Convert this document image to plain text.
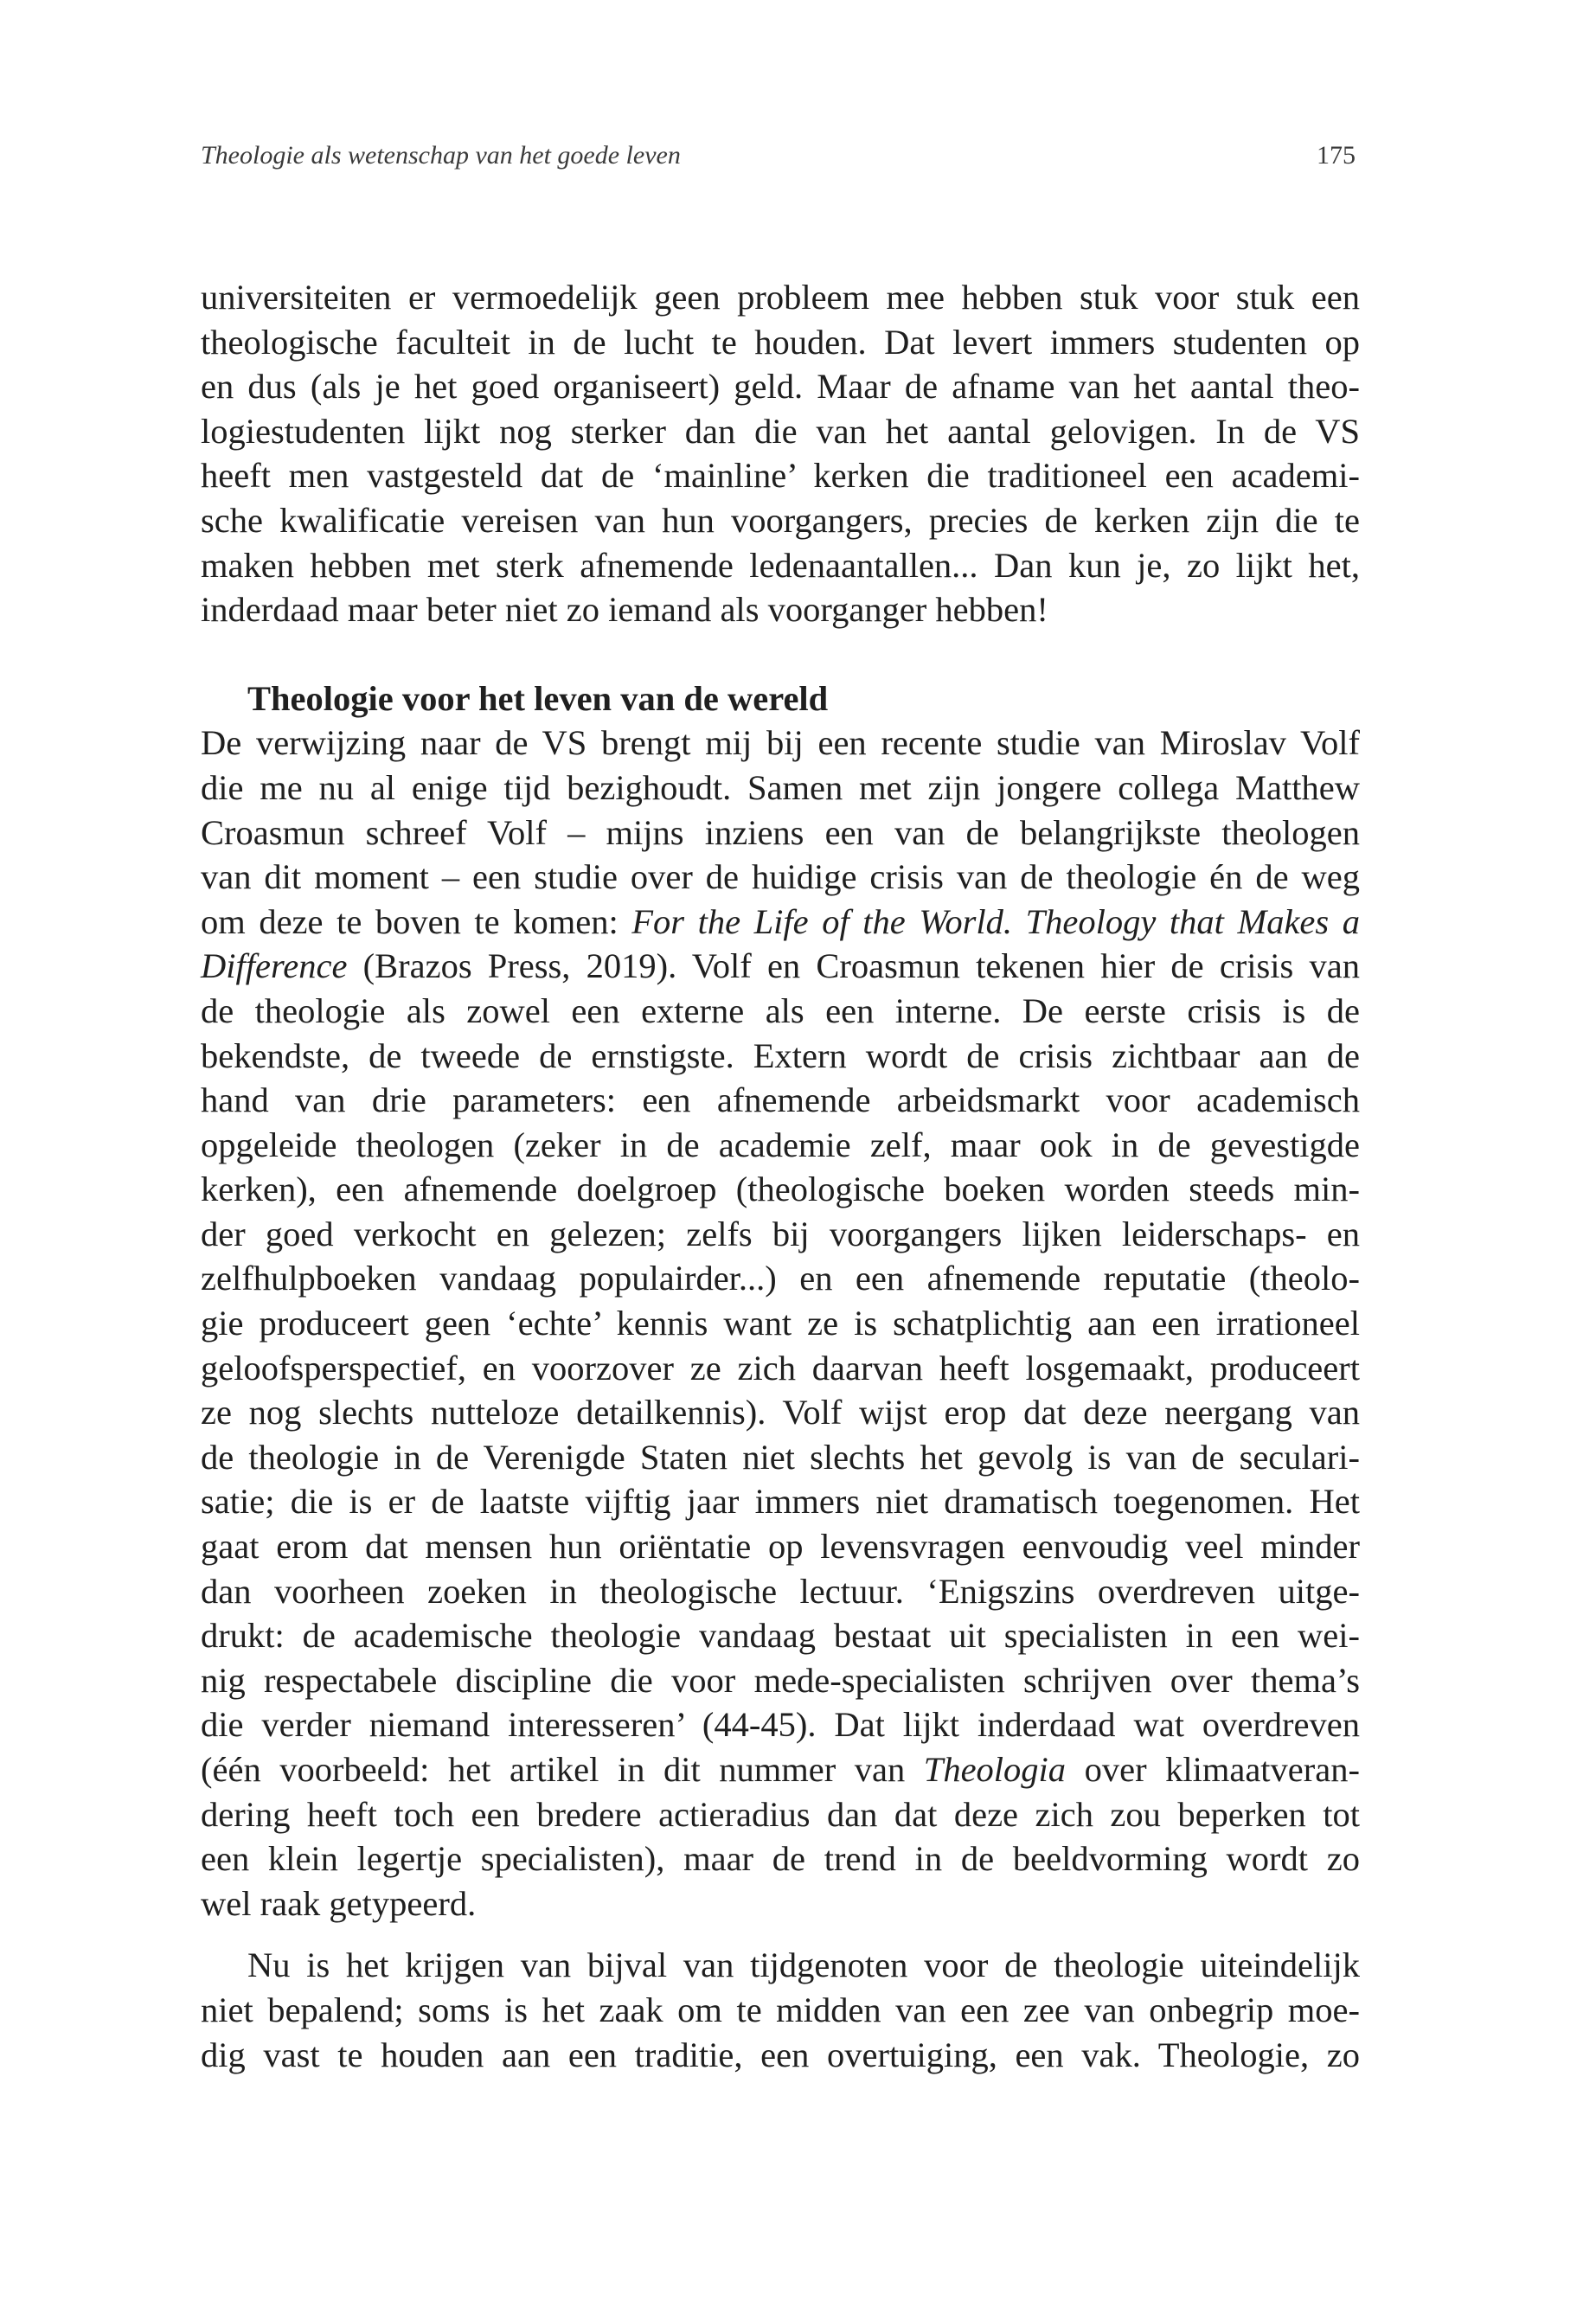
Theologie als wetenschap van het goede leven	175

universiteiten er vermoedelijk geen probleem mee hebben stuk voor stuk een
theologische faculteit in de lucht te houden. Dat levert immers studenten op
en dus (als je het goed organiseert) geld. Maar de afname van het aantal theo-
logiestudenten lijkt nog sterker dan die van het aantal gelovigen. In de VS
heeft men vastgesteld dat de ‘mainline’ kerken die traditioneel een academi-
sche kwalificatie vereisen van hun voorgangers, precies de kerken zijn die te
maken hebben met sterk afnemende ledenaantallen... Dan kun je, zo lijkt het,
inderdaad maar beter niet zo iemand als voorganger hebben!

Theologie voor het leven van de wereld

De verwijzing naar de VS brengt mij bij een recente studie van Miroslav Volf
die me nu al enige tijd bezighoudt. Samen met zijn jongere collega Matthew
Croasmun schreef Volf – mijns inziens een van de belangrijkste theologen
van dit moment – een studie over de huidige crisis van de theologie én de weg
om deze te boven te komen: For the Life of the World. Theology that Makes a
Difference (Brazos Press, 2019). Volf en Croasmun tekenen hier de crisis van
de theologie als zowel een externe als een interne. De eerste crisis is de
bekendste, de tweede de ernstigste. Extern wordt de crisis zichtbaar aan de
hand van drie parameters: een afnemende arbeidsmarkt voor academisch
opgeleide theologen (zeker in de academie zelf, maar ook in de gevestigde
kerken), een afnemende doelgroep (theologische boeken worden steeds min-
der goed verkocht en gelezen; zelfs bij voorgangers lijken leiderschaps- en
zelfhulpboeken vandaag populairder...) en een afnemende reputatie (theolo-
gie produceert geen ‘echte’ kennis want ze is schatplichtig aan een irrationeel
geloofsperspectief, en voorzover ze zich daarvan heeft losgemaakt, produceert
ze nog slechts nutteloze detailkennis). Volf wijst erop dat deze neergang van
de theologie in de Verenigde Staten niet slechts het gevolg is van de seculari-
satie; die is er de laatste vijftig jaar immers niet dramatisch toegenomen. Het
gaat erom dat mensen hun oriëntatie op levensvragen eenvoudig veel minder
dan voorheen zoeken in theologische lectuur. ‘Enigszins overdreven uitge-
drukt: de academische theologie vandaag bestaat uit specialisten in een wei-
nig respectabele discipline die voor mede-specialisten schrijven over thema’s
die verder niemand interesseren’ (44-45). Dat lijkt inderdaad wat overdreven
(één voorbeeld: het artikel in dit nummer van Theologia over klimaatveran-
dering heeft toch een bredere actieradius dan dat deze zich zou beperken tot
een klein legertje specialisten), maar de trend in de beeldvorming wordt zo
wel raak getypeerd.

Nu is het krijgen van bijval van tijdgenoten voor de theologie uiteindelijk
niet bepalend; soms is het zaak om te midden van een zee van onbegrip moe-
dig vast te houden aan een traditie, een overtuiging, een vak. Theologie, zo
